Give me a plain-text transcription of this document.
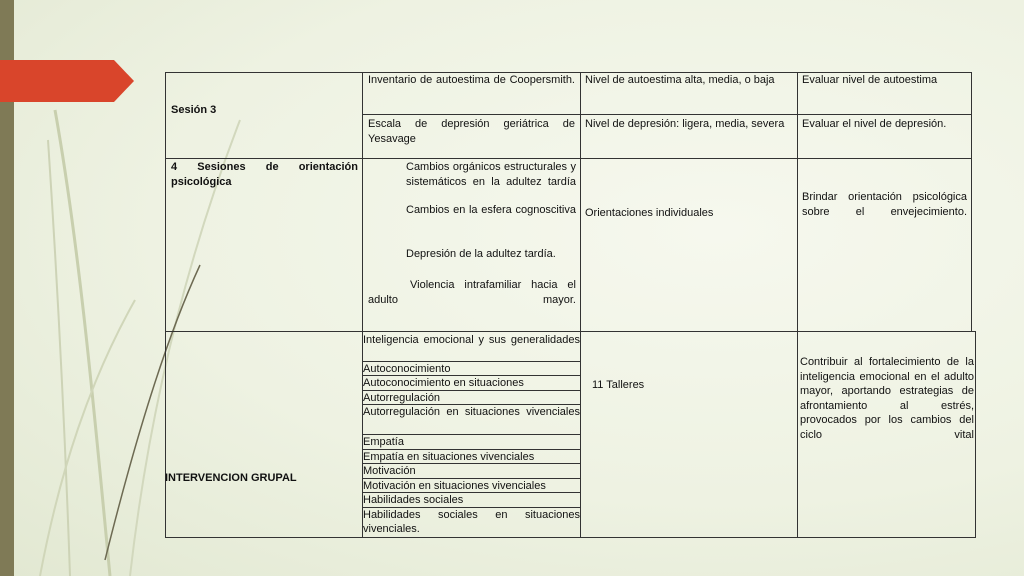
Sesión 3
Inventario de autoestima de Coopersmith. Nivel de autoestima alta, media, o baja	Evaluar nivel de autoestima
Escala de depresión geriátrica de Yesavage
Nivel de depresión: ligera, media, severa	Evaluar el nivel de depresión.
4 Sesiones de orientación psicológica
Cambios orgánicos estructurales y sistemáticos en la adultez tardía
Cambios en la esfera cognoscitiva
Depresión de la adultez tardía.
Violencia intrafamiliar hacia el adulto mayor.
Orientaciones individuales
Brindar orientación psicológica sobre el envejecimiento.
INTERVENCION GRUPAL
Inteligencia emocional y sus generalidades
Autoconocimiento
Autoconocimiento en situaciones
Autorregulación
Autorregulación en situaciones vivenciales
Empatía
Empatía en situaciones vivenciales
Motivación
Motivación en situaciones vivenciales
Habilidades sociales
Habilidades sociales en situaciones vivenciales.
11 Talleres
Contribuir al fortalecimiento de la inteligencia emocional en el adulto mayor, aportando estrategias de afrontamiento al estrés, provocados por los cambios del ciclo vital
